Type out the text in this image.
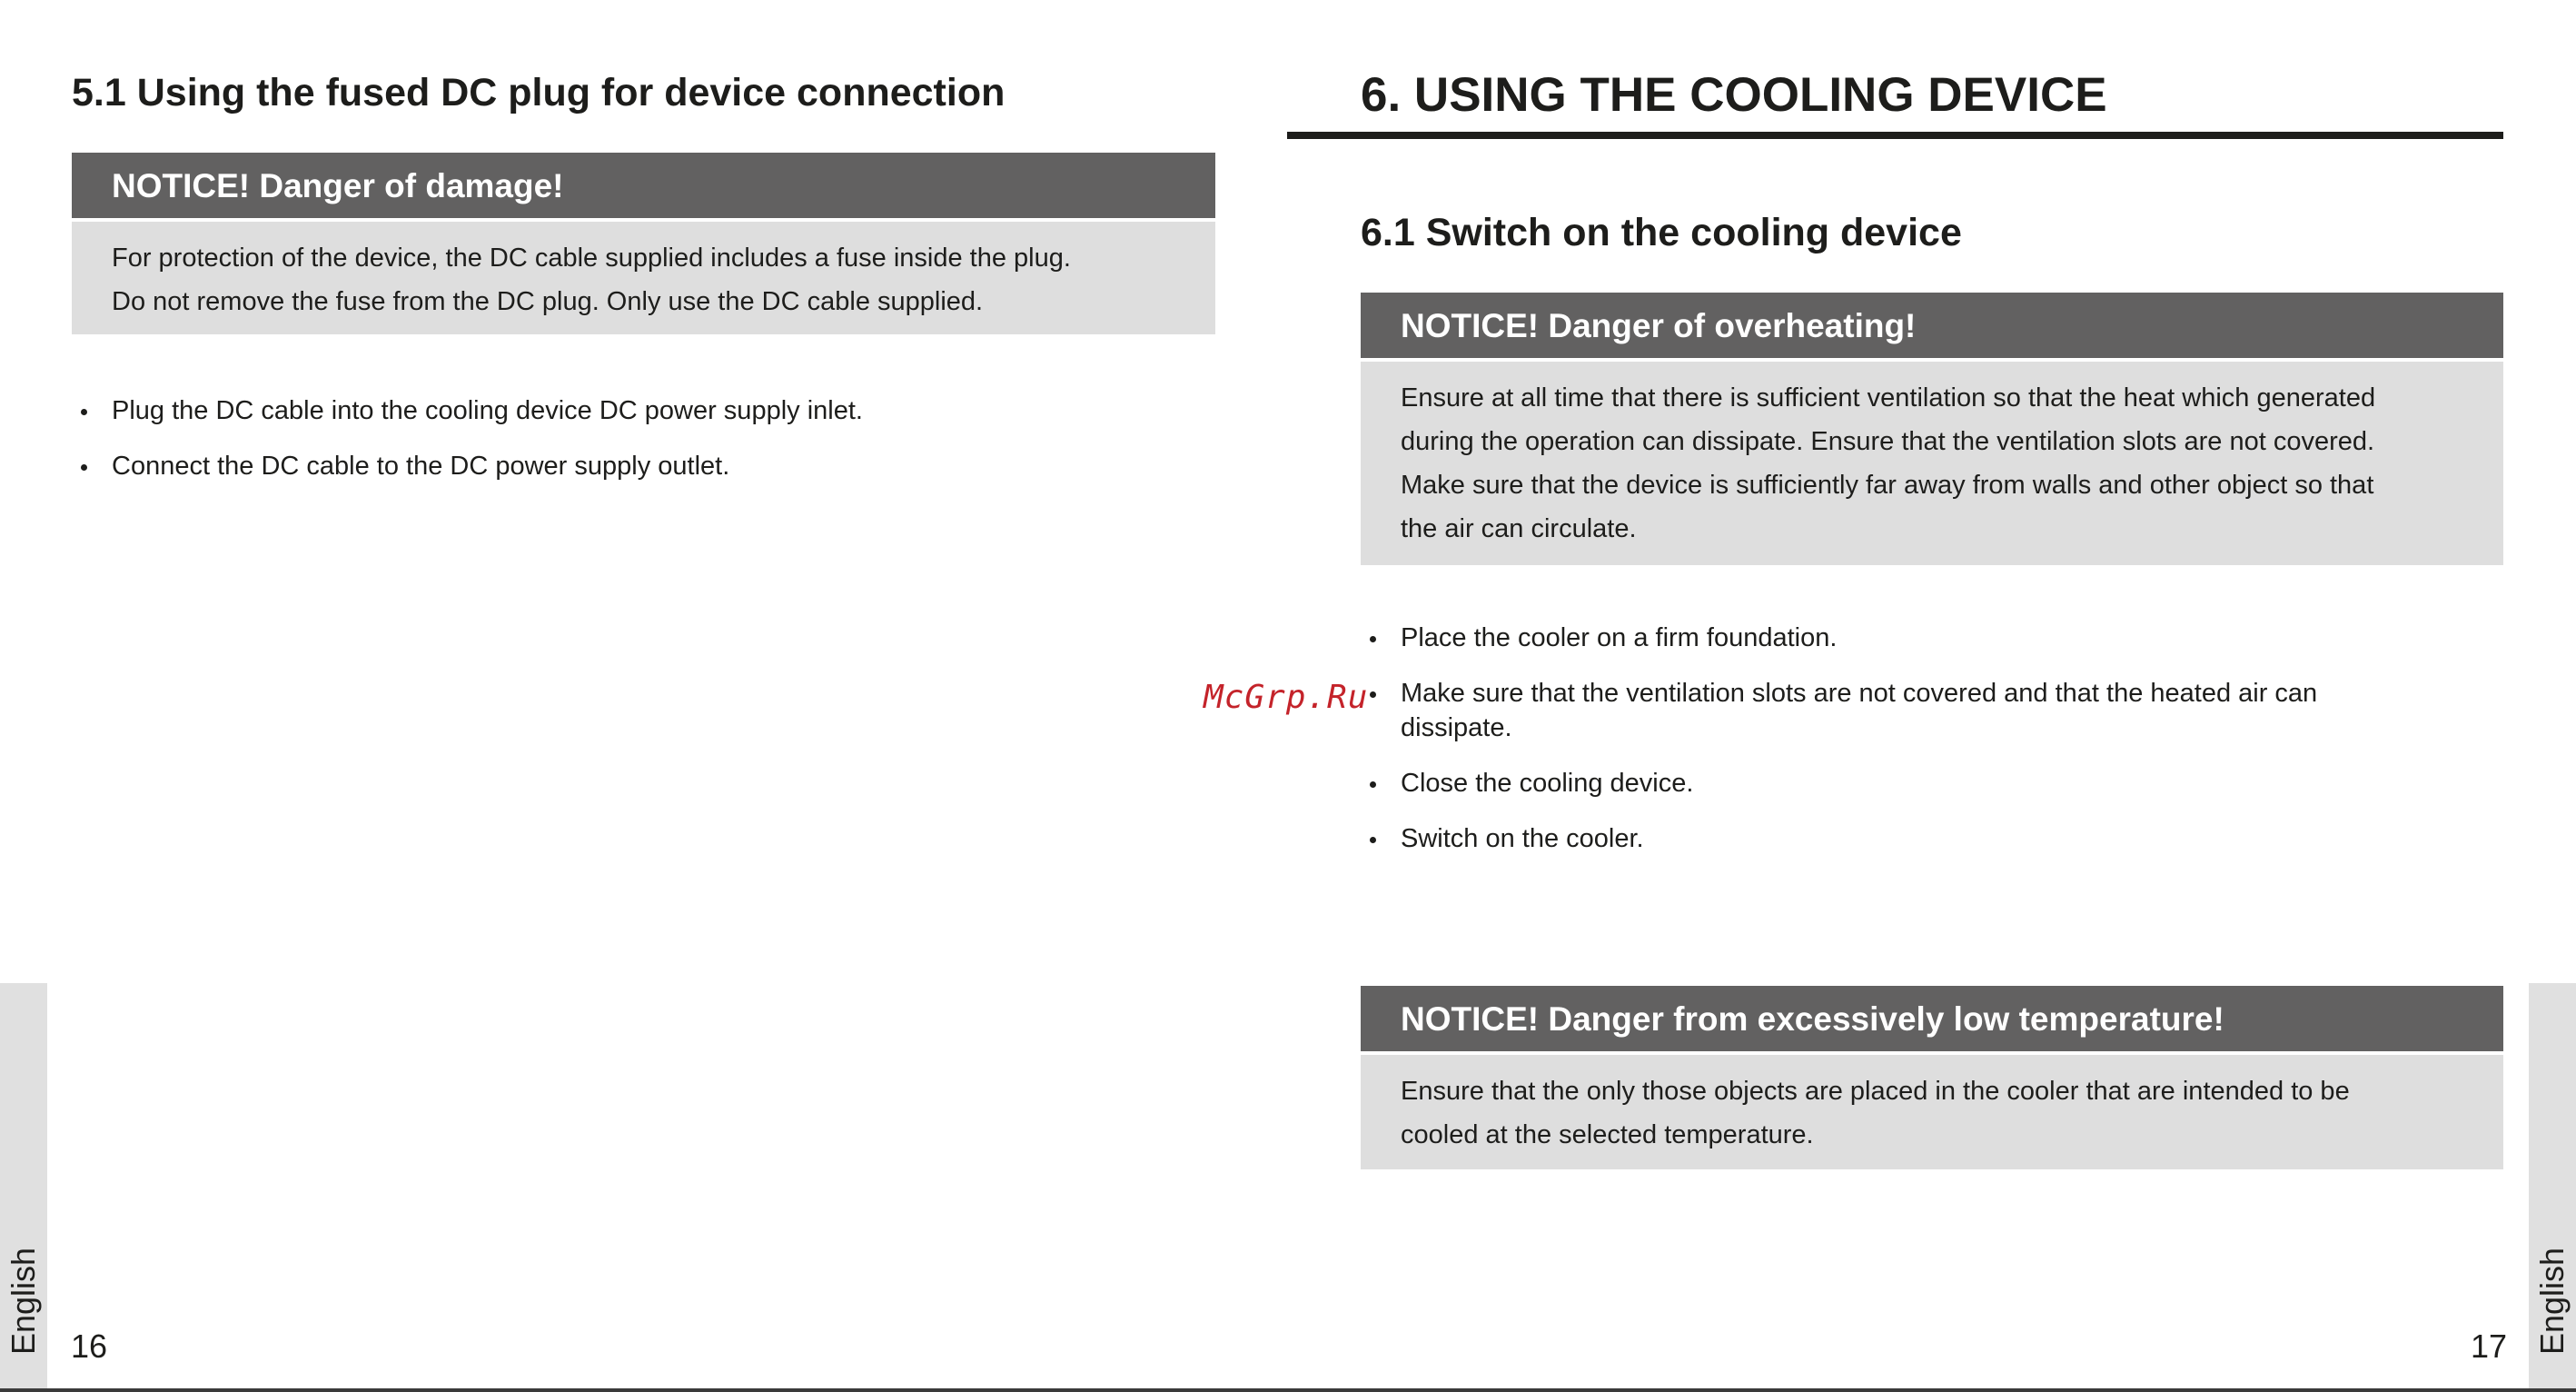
5.1 Using the fused DC plug for device connection
NOTICE! Danger of damage!

For protection of the device, the DC cable supplied includes a fuse inside the plug.

Do not remove the fuse from the DC plug. Only use the DC cable supplied.

Plug the DC cable into the cooling device DC power supply inlet.
Connect the DC cable to the DC power supply outlet.
English 16
6. USING THE COOLING DEVICE
6.1 Switch on the cooling device
NOTICE! Danger of overheating!

Ensure at all time that there is sufficient ventilation so that the heat which generated

during the operation can dissipate. Ensure that the ventilation slots are not covered.

Make sure that the device is sufficiently far away from walls and other object so that

the air can circulate.

Place the cooler on a firm foundation.
Make sure that the ventilation slots are not covered and that the heated air can dissipate.
Close the cooling device.
Switch on the cooler.
NOTICE! Danger from excessively low temperature!

Ensure that the only those objects are placed in the cooler that are intended to be

cooled at the selected temperature.

English
17
McGrp.Ru
